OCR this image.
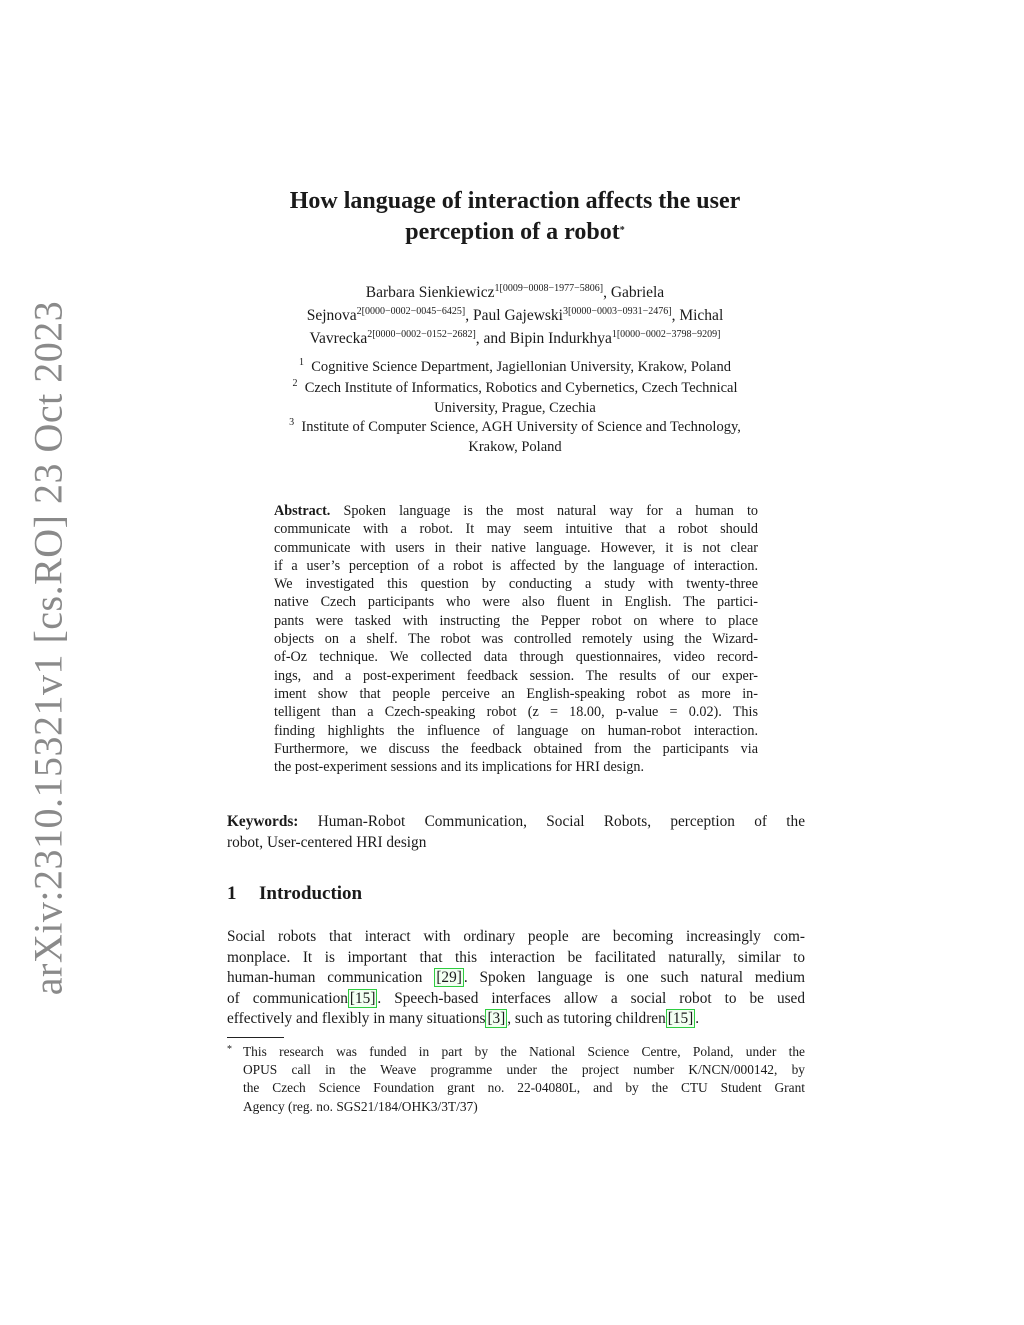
arXiv:2310.15321v1 [cs.RO] 23 Oct 2023
How language of interaction affects the user
perception of a robot*
Barbara Sienkiewicz$^{1[0009-0008-1977-5806]}$, Gabriela
Sejnova$^{2[0000-0002-0045-6425]}$, Paul Gajewski$^{3[0000-0003-0931-2476]}$, Michal
Vavrecka$^{2[0000-0002-0152-2682]}$, and Bipin Indurkhya$^{1[0000-0002-3798-9209]}$
$^1$ Cognitive Science Department, Jagiellonian University, Krakow, Poland
$^2$ Czech Institute of Informatics, Robotics and Cybernetics, Czech Technical
University, Prague, Czechia
$^3$ Institute of Computer Science, AGH University of Science and Technology,
Krakow, Poland
Abstract. Spoken language is the most natural way for a human to
communicate with a robot. It may seem intuitive that a robot should
communicate with users in their native language. However, it is not clear
if a user’s perception of a robot is affected by the language of interaction.
We investigated this question by conducting a study with twenty-three
native Czech participants who were also fluent in English. The partici-
pants were tasked with instructing the Pepper robot on where to place
objects on a shelf. The robot was controlled remotely using the Wizard-
of-Oz technique. We collected data through questionnaires, video record-
ings, and a post-experiment feedback session. The results of our exper-
iment show that people perceive an English-speaking robot as more in-
telligent than a Czech-speaking robot (z = 18.00, p-value = 0.02). This
finding highlights the influence of language on human-robot interaction.
Furthermore, we discuss the feedback obtained from the participants via
the post-experiment sessions and its implications for HRI design.
Keywords: Human-Robot Communication, Social Robots, perception of the
robot, User-centered HRI design
1 Introduction
Social robots that interact with ordinary people are becoming increasingly com-
monplace. It is important that this interaction be facilitated naturally, similar to
human-human communication [29] . Spoken language is one such natural medium
of communication [15] . Speech-based interfaces allow a social robot to be used
effectively and flexibly in many situations [3] , such as tutoring children [15] .
* This research was funded in part by the National Science Centre, Poland, under the
OPUS call in the Weave programme under the project number K/NCN/000142, by
the Czech Science Foundation grant no. 22-04080L, and by the CTU Student Grant
Agency (reg. no. SGS21/184/OHK3/3T/37)
